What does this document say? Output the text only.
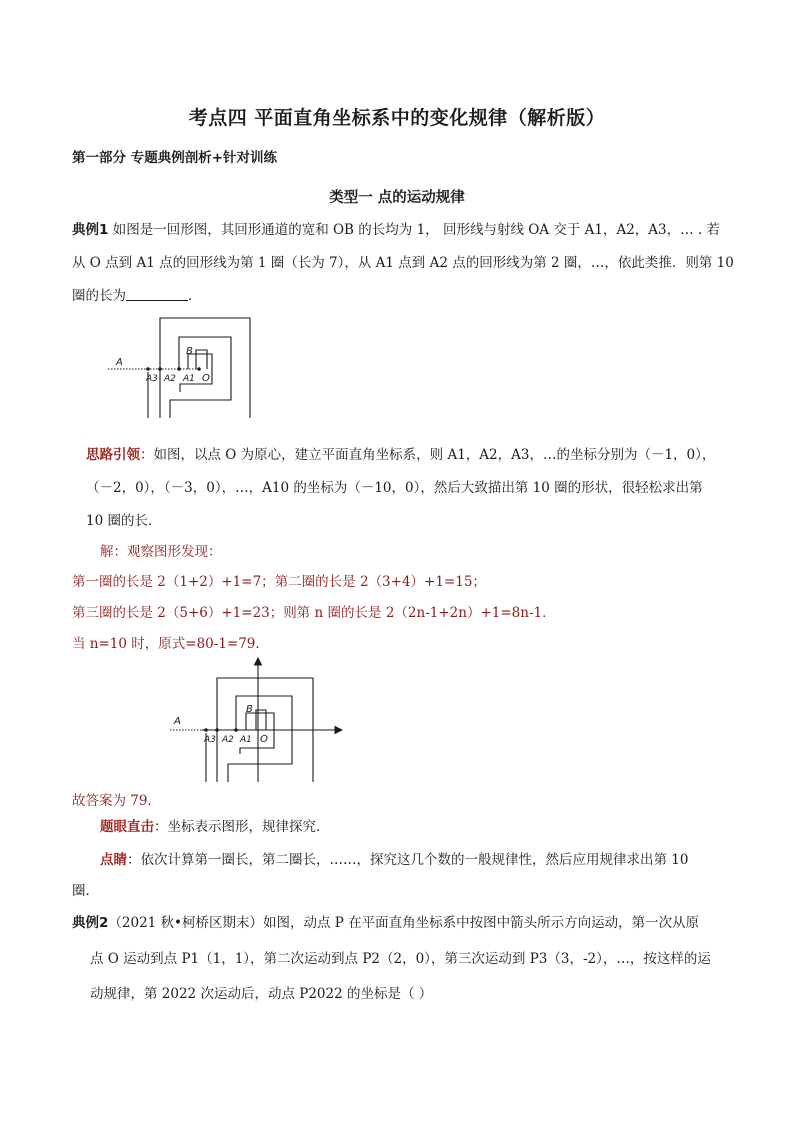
考点四 平面直角坐标系中的变化规律（解析版）
第一部分 专题典例剖析+针对训练
类型一 点的运动规律
典例1 如图是一回形图，其回形通道的宽和 OB 的长均为 1， 回形线与射线 OA 交于 A1，A2，A3，… . 若
从 O 点到 A1 点的回形线为第 1 圈（长为 7），从 A1 点到 A2 点的回形线为第 2 圈，…，依此类推．则第 10
圈的长为	．
A
B
O
A3 A2 A1
思路引领：如图，以点 O 为原心，建立平面直角坐标系，则 A1，A2，A3，…的坐标分别为（－1，0），
（－2，0），（－3，0），…，A10 的坐标为（－10，0），然后大致描出第 10 圈的形状，很轻松求出第
10 圈的长．
解：观察图形发现：
第一圈的长是 2（1+2）+1=7；第二圈的长是 2（3+4）+1=15；
第三圈的长是 2（5+6）+1=23；则第 n 圈的长是 2（2n-1+2n）+1=8n-1．
当 n=10 时，原式=80-1=79．
A
B
O
A3 A2 A1
故答案为 79．
题眼直击：坐标表示图形，规律探究．
点睛：依次计算第一圈长，第二圈长，……，探究这几个数的一般规律性，然后应用规律求出第 10
圈．
典例2（2021 秋•柯桥区期末）如图，动点 P 在平面直角坐标系中按图中箭头所示方向运动，第一次从原
点 O 运动到点 P1（1，1），第二次运动到点 P2（2，0），第三次运动到 P3（3，-2），…，按这样的运
动规律，第 2022 次运动后，动点 P2022 的坐标是（ ）
